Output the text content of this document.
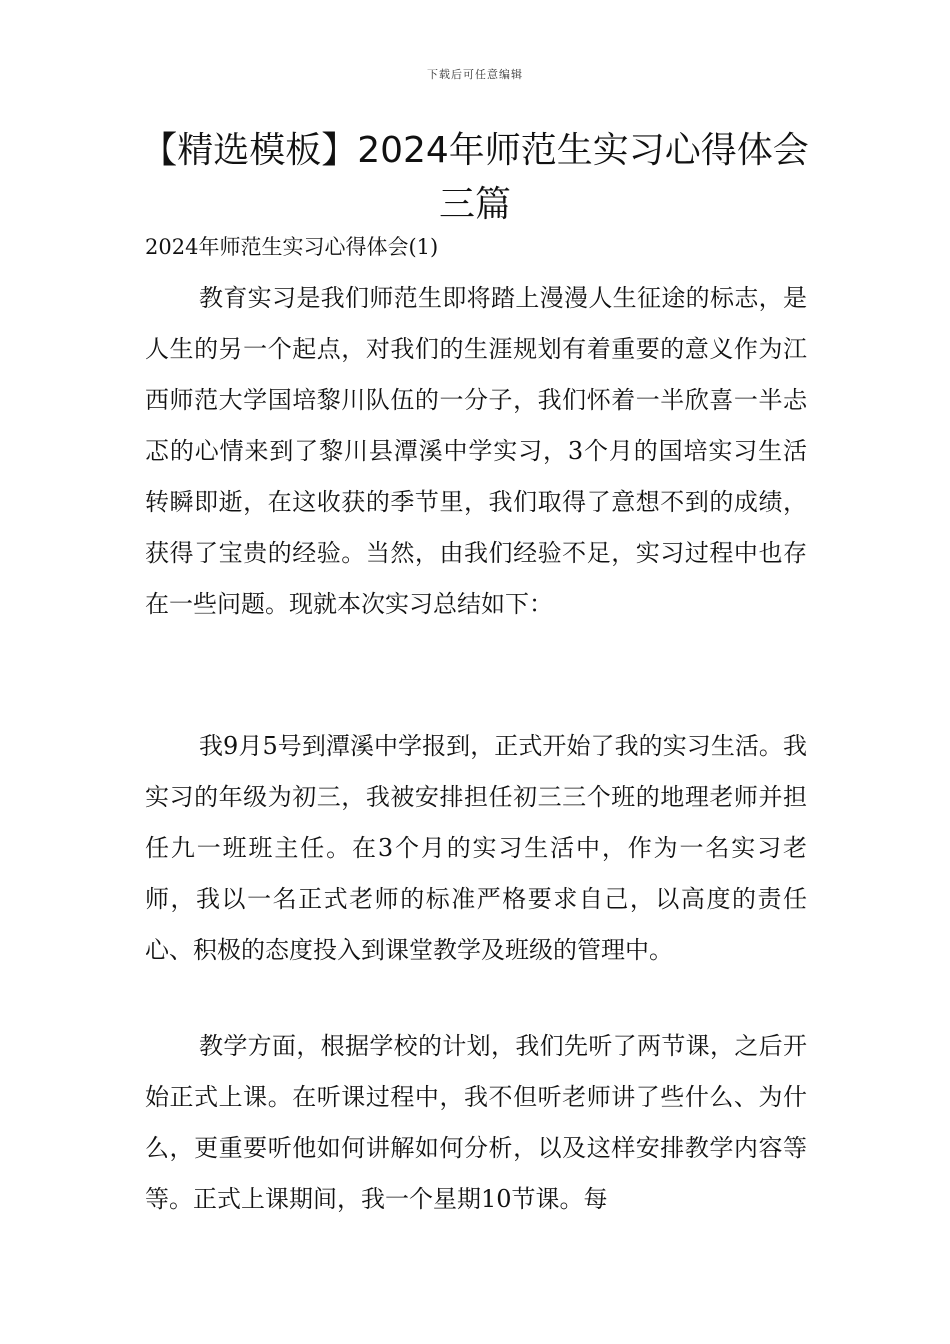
下载后可任意编辑
【精选模板】2024年师范生实习心得体会三篇
2024年师范生实习心得体会(1)

教育实习是我们师范生即将踏上漫漫人生征途的标志，是人生的另一个起点，对我们的生涯规划有着重要的意义作为江西师范大学国培黎川队伍的一分子，我们怀着一半欣喜一半忐忑的心情来到了黎川县潭溪中学实习，3个月的国培实习生活转瞬即逝，在这收获的季节里，我们取得了意想不到的成绩，获得了宝贵的经验。当然，由我们经验不足，实习过程中也存在一些问题。现就本次实习总结如下：

我9月5号到潭溪中学报到，正式开始了我的实习生活。我实习的年级为初三，我被安排担任初三三个班的地理老师并担任九一班班主任。在3个月的实习生活中，作为一名实习老师，我以一名正式老师的标准严格要求自己，以高度的责任心、积极的态度投入到课堂教学及班级的管理中。

教学方面，根据学校的计划，我们先听了两节课，之后开始正式上课。在听课过程中，我不但听老师讲了些什么、为什么，更重要听他如何讲解如何分析，以及这样安排教学内容等等。正式上课期间，我一个星期10节课。每
